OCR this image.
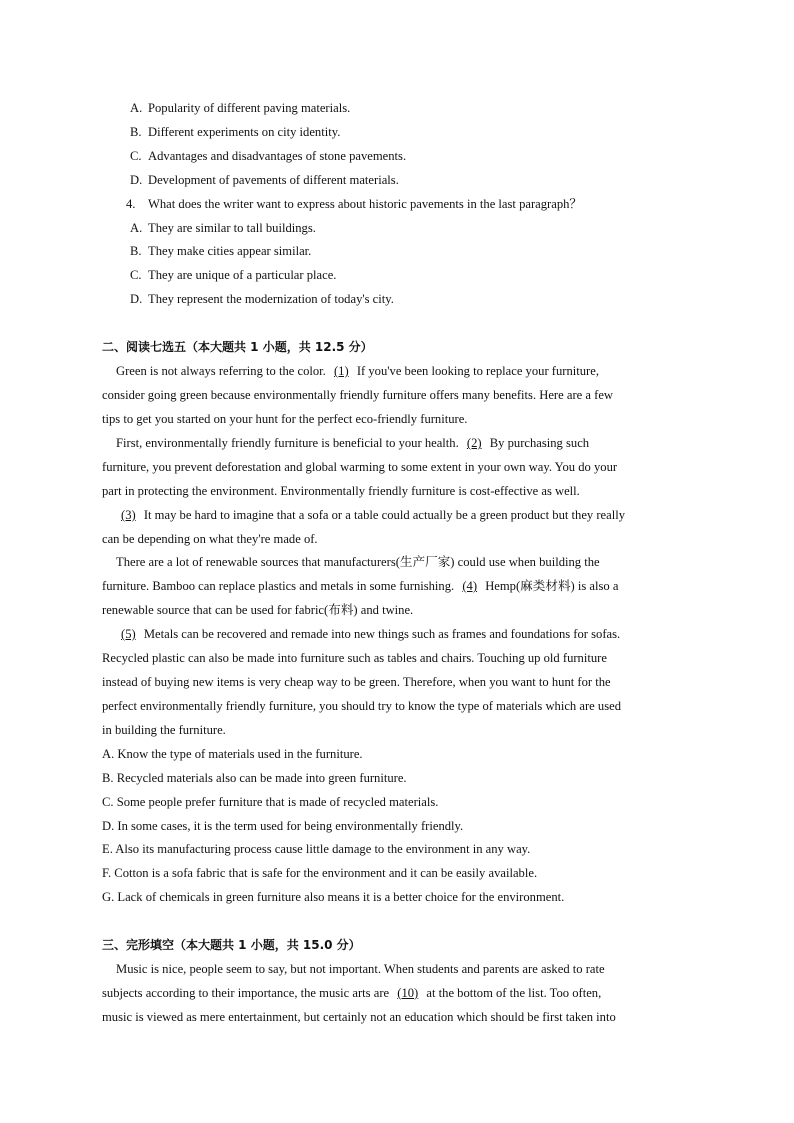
A. Popularity of different paving materials.
B. Different experiments on city identity.
C. Advantages and disadvantages of stone pavements.
D. Development of pavements of different materials.
4. What does the writer want to express about historic pavements in the last paragraph？
A. They are similar to tall buildings.
B. They make cities appear similar.
C. They are unique of a particular place.
D. They represent the modernization of today's city.
二、阅读七选五（本大题共 1 小题，共 12.5 分）
Green is not always referring to the color. (1) If you've been looking to replace your furniture,
consider going green because environmentally friendly furniture offers many benefits. Here are a few
tips to get you started on your hunt for the perfect eco-friendly furniture.
First, environmentally friendly furniture is beneficial to your health. (2) By purchasing such
furniture, you prevent deforestation and global warming to some extent in your own way. You do your
part in protecting the environment. Environmentally friendly furniture is cost-effective as well.
(3) It may be hard to imagine that a sofa or a table could actually be a green product but they really
can be depending on what they're made of.
There are a lot of renewable sources that manufacturers(生产厂家) could use when building the
furniture. Bamboo can replace plastics and metals in some furnishing. (4) Hemp(麻类材料) is also a
renewable source that can be used for fabric(布料) and twine.
(5) Metals can be recovered and remade into new things such as frames and foundations for sofas.
Recycled plastic can also be made into furniture such as tables and chairs. Touching up old furniture
instead of buying new items is very cheap way to be green. Therefore, when you want to hunt for the
perfect environmentally friendly furniture, you should try to know the type of materials which are used
in building the furniture.
A. Know the type of materials used in the furniture.
B. Recycled materials also can be made into green furniture.
C. Some people prefer furniture that is made of recycled materials.
D. In some cases, it is the term used for being environmentally friendly.
E. Also its manufacturing process cause little damage to the environment in any way.
F. Cotton is a sofa fabric that is safe for the environment and it can be easily available.
G. Lack of chemicals in green furniture also means it is a better choice for the environment.
三、完形填空（本大题共 1 小题，共 15.0 分）
Music is nice, people seem to say, but not important. When students and parents are asked to rate
subjects according to their importance, the music arts are (10) at the bottom of the list. Too often,
music is viewed as mere entertainment, but certainly not an education which should be first taken into
